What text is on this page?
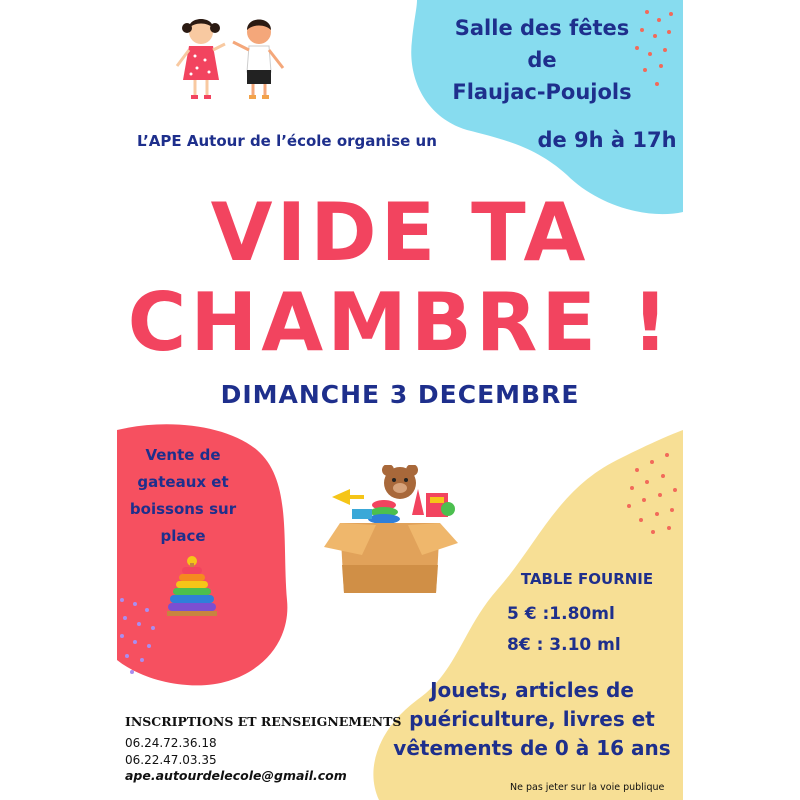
Salle des fêtes
de
Flaujac-Poujols
de 9h à 17h
L’APE Autour de l’école organise un
VIDE TA
CHAMBRE !
DIMANCHE 3 DECEMBRE
Vente de
gateaux et
boissons sur
place
TABLE FOURNIE
5 € :1.80ml
8€ : 3.10 ml
Jouets, articles de
puériculture, livres et
vêtements de 0 à 16 ans
INSCRIPTIONS ET RENSEIGNEMENTS
06.24.72.36.18
06.22.47.03.35
ape.autourdelecole@gmail.com
Ne pas jeter sur la voie publique
